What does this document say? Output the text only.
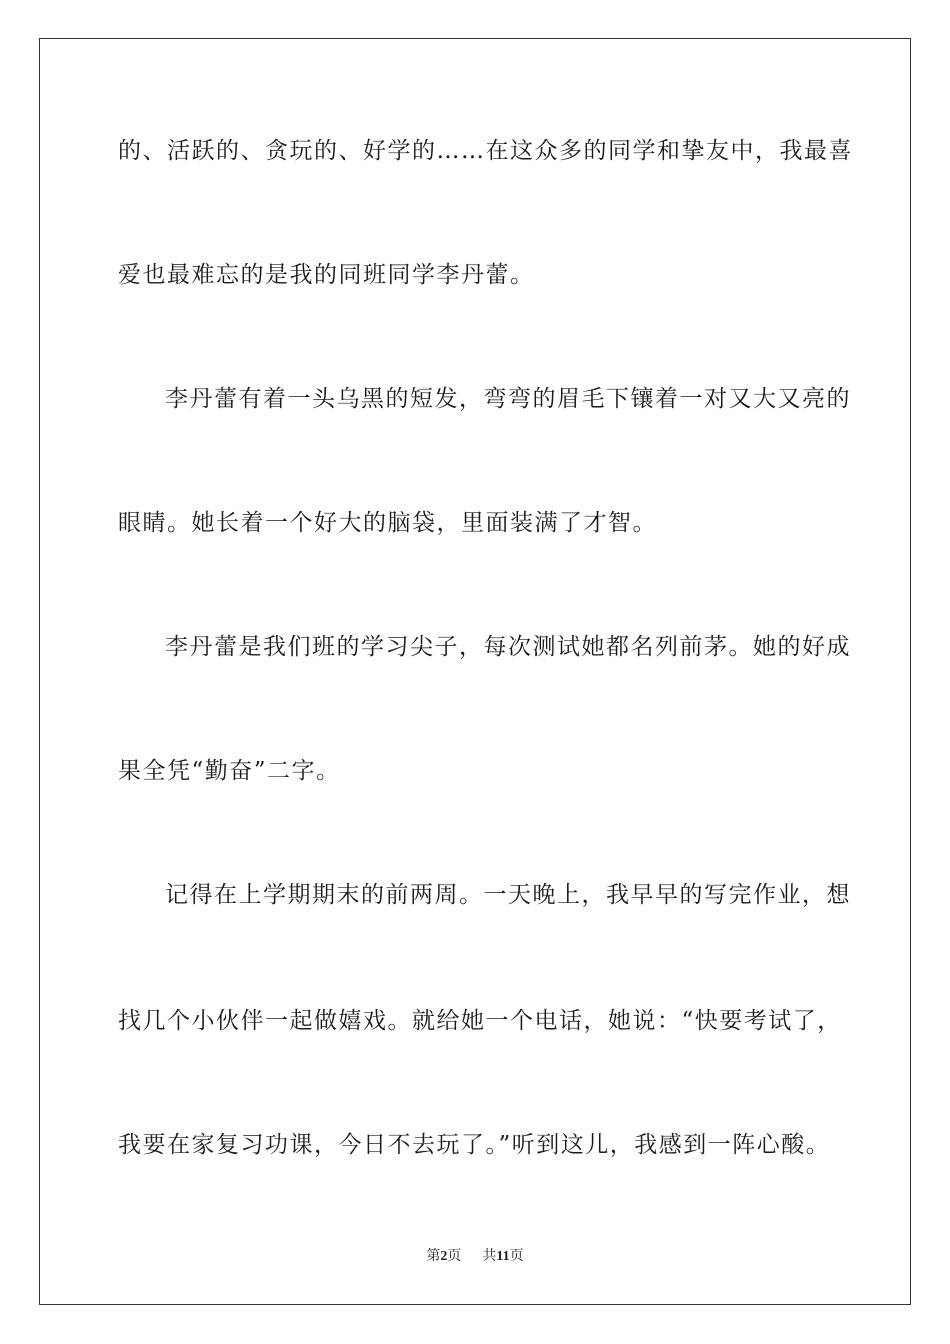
的、活跃的、贪玩的、好学的……在这众多的同学和挚友中，我最喜
爱也最难忘的是我的同班同学李丹蕾。
李丹蕾有着一头乌黑的短发，弯弯的眉毛下镶着一对又大又亮的
眼睛。她长着一个好大的脑袋，里面装满了才智。
李丹蕾是我们班的学习尖子，每次测试她都名列前茅。她的好成
果全凭“勤奋”二字。
记得在上学期期末的前两周。一天晚上，我早早的写完作业，想
找几个小伙伴一起做嬉戏。就给她一个电话，她说：“快要考试了，
我要在家复习功课，今日不去玩了。”听到这儿，我感到一阵心酸。
第2页 共11页
